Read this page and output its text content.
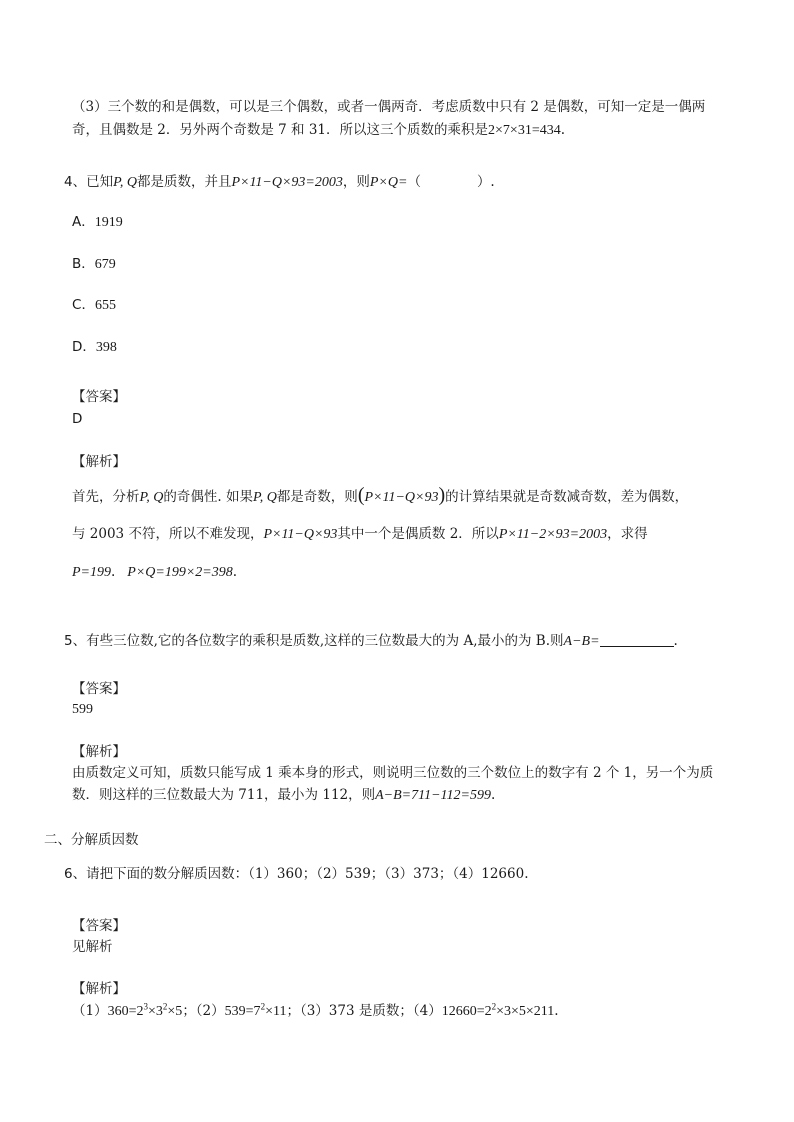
（3）三个数的和是偶数，可以是三个偶数，或者一偶两奇．考虑质数中只有 2 是偶数，可知一定是一偶两
奇，且偶数是 2．另外两个奇数是 7 和 31．所以这三个质数的乘积是2×7×31=434.
4、已知P, Q都是质数，并且P×11−Q×93=2003，则P×Q=（	）.
A．1919
B．679
C．655
D．398
【答案】
D
【解析】
首先，分析P, Q的奇偶性. 如果P, Q都是奇数，则(P×11−Q×93)的计算结果就是奇数减奇数，差为偶数，
与 2003 不符，所以不难发现，P×11−Q×93其中一个是偶质数 2．所以P×11−2×93=2003，求得
P=199. P×Q=199×2=398.
5、有些三位数,它的各位数字的乘积是质数,这样的三位数最大的为 A,最小的为 B.则A−B=	.
【答案】
599
【解析】
由质数定义可知，质数只能写成 1 乘本身的形式，则说明三位数的三个数位上的数字有 2 个 1，另一个为质
数．则这样的三位数最大为 711，最小为 112，则A−B=711−112=599.
二、分解质因数
6、请把下面的数分解质因数：（1）360；（2）539；（3）373；（4）12660.
【答案】
见解析
【解析】
$(1)360=2^3\times 3^2\times 5$；$(2)539=7^2\times 11$；（3）373 是质数；$(4)12660=2^2\times 3\times 5\times 211$.
